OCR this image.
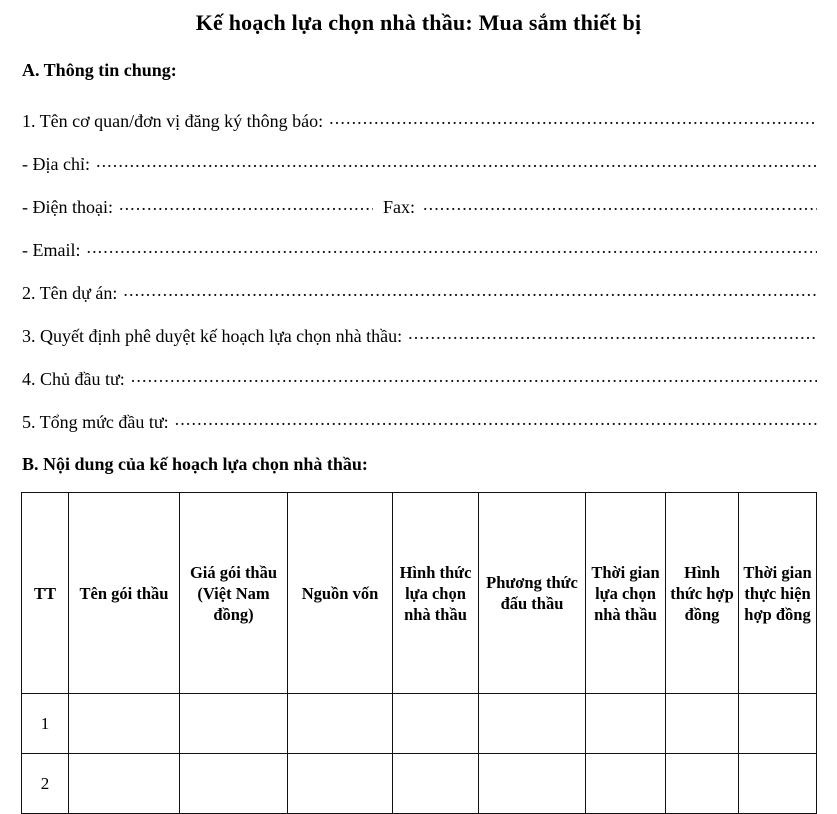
Kế hoạch lựa chọn nhà thầu: Mua sắm thiết bị
A. Thông tin chung:
1. Tên cơ quan/đơn vị đăng ký thông báo:
.....
- Địa chỉ:
.....
- Điện thoại: .....	Fax:
.....
- Email:
.....
2. Tên dự án:
.....
3. Quyết định phê duyệt kế hoạch lựa chọn nhà thầu:
.....
4. Chủ đầu tư:
.....
5. Tổng mức đầu tư:
.....
B. Nội dung của kế hoạch lựa chọn nhà thầu:
TT	Tên gói thầu	Giá gói thầu (Việt Nam đồng)	Nguồn vốn	Hình thức lựa chọn nhà thầu	Phương thức đấu thầu	Thời gian lựa chọn nhà thầu	Hình thức hợp đồng	Thời gian thực hiện hợp đồng
1								
2								
